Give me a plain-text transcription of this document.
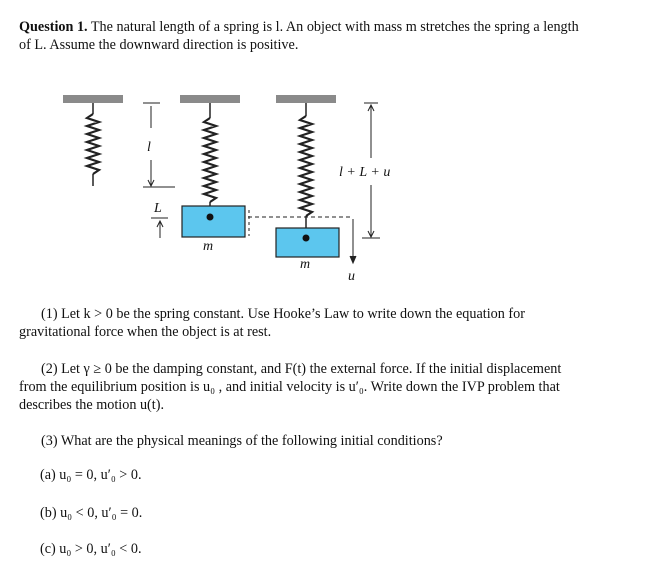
Question 1. The natural length of a spring is l. An object with mass m stretches the spring a length of L. Assume the downward direction is positive.
l
L
m
m
l + L + u
u
(1) Let k > 0 be the spring constant. Use Hooke’s Law to write down the equation for gravitational force when the object is at rest.
(2) Let γ ≥ 0 be the damping constant, and F(t) the external force. If the initial displacement from the equilibrium position is u₀ , and initial velocity is u′₀. Write down the IVP problem that describes the motion u(t).
(3) What are the physical meanings of the following initial conditions?
(a) u₀ = 0, u′₀ > 0.
(b) u₀ < 0, u′₀ = 0.
(c) u₀ > 0, u′₀ < 0.
